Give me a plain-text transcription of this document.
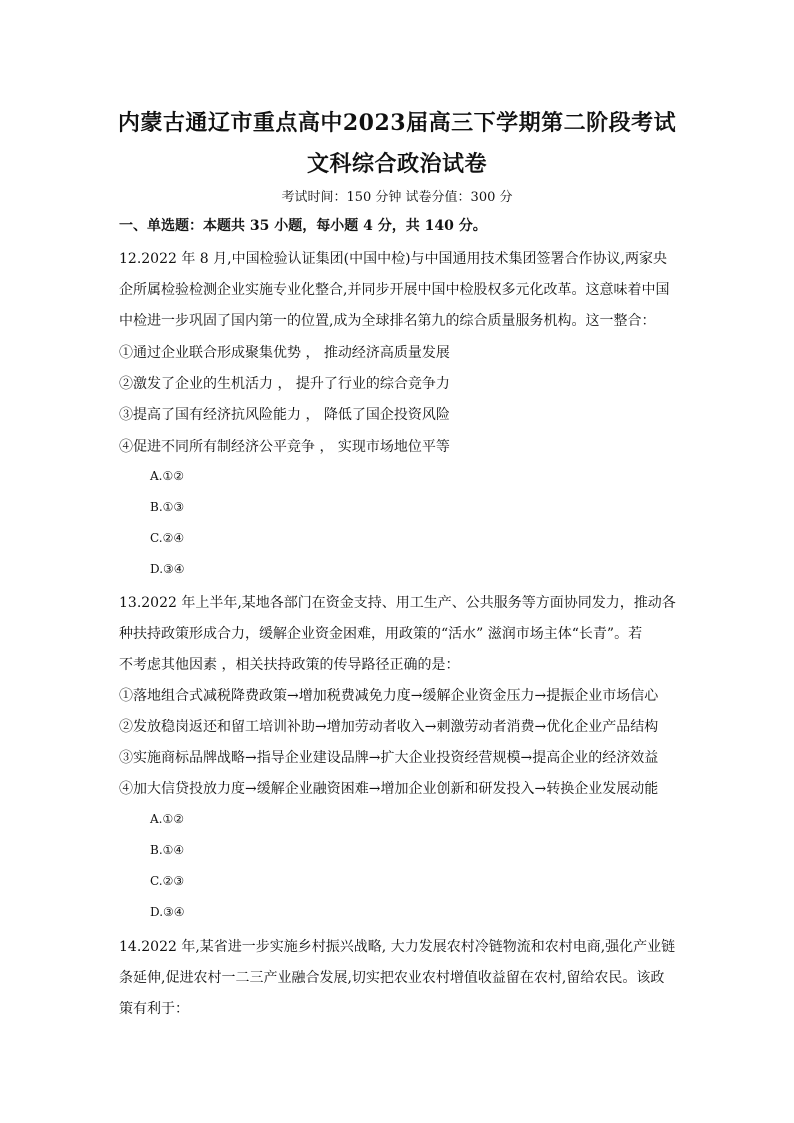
内蒙古通辽市重点高中2023届高三下学期第二阶段考试
文科综合政治试卷
考试时间：150 分钟 试卷分值：300 分
一、单选题：本题共 35 小题，每小题 4 分，共 140 分。
12.2022 年 8 月,中国检验认证集团(中国中检)与中国通用技术集团签署合作协议,两家央
企所属检验检测企业实施专业化整合,并同步开展中国中检股权多元化改革。这意味着中国
中检进一步巩固了国内第一的位置,成为全球排名第九的综合质量服务机构。这一整合：
①通过企业联合形成聚集优势 ， 推动经济高质量发展
②激发了企业的生机活力 ， 提升了行业的综合竞争力
③提高了国有经济抗风险能力 ， 降低了国企投资风险
④促进不同所有制经济公平竞争 ， 实现市场地位平等
A.①②
B.①③
C.②④
D.③④
13.2022 年上半年,某地各部门在资金支持、用工生产、公共服务等方面协同发力，推动各
种扶持政策形成合力，缓解企业资金困难，用政策的“活水” 滋润市场主体“长青”。若
不考虑其他因素 ，相关扶持政策的传导路径正确的是：
①落地组合式减税降费政策→增加税费减免力度→缓解企业资金压力→提振企业市场信心
②发放稳岗返还和留工培训补助→增加劳动者收入→刺激劳动者消费→优化企业产品结构
③实施商标品牌战略→指导企业建设品牌→扩大企业投资经营规模→提高企业的经济效益
④加大信贷投放力度→缓解企业融资困难→增加企业创新和研发投入→转换企业发展动能
A.①②
B.①④
C.②③
D.③④
14.2022 年,某省进一步实施乡村振兴战略, 大力发展农村冷链物流和农村电商,强化产业链
条延伸,促进农村一二三产业融合发展,切实把农业农村增值收益留在农村,留给农民。该政
策有利于：
